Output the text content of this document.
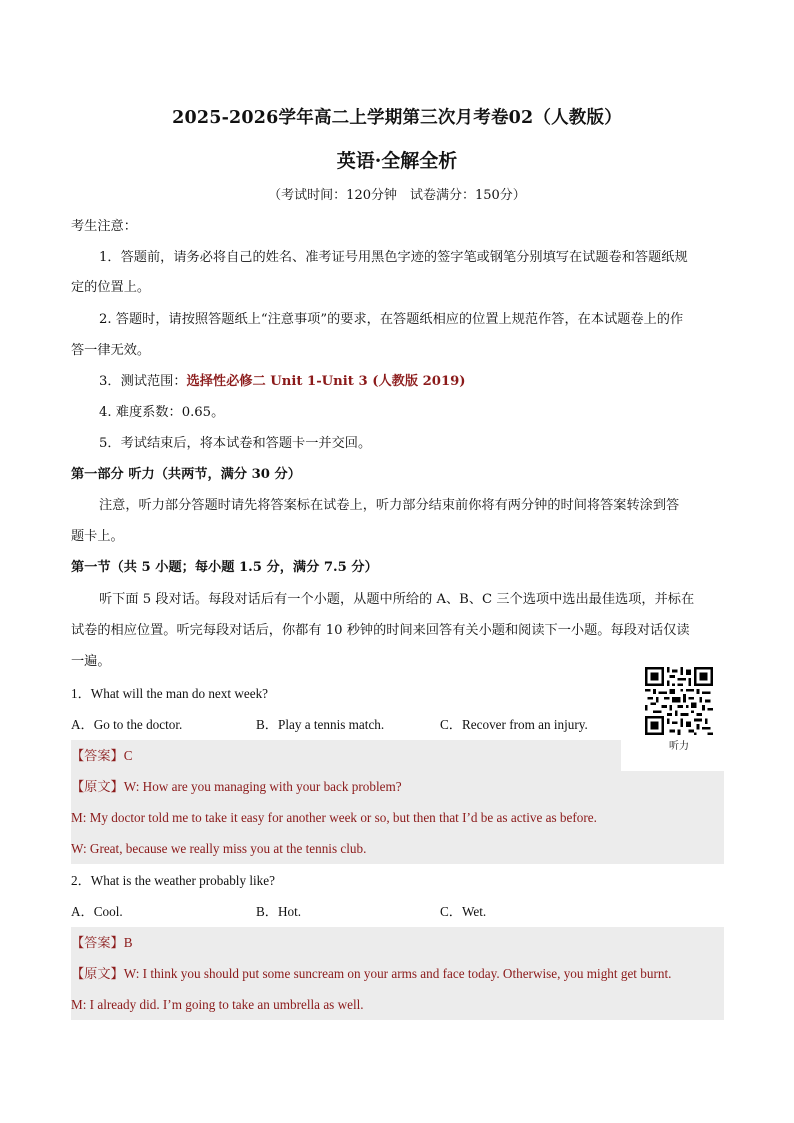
2025-2026学年高二上学期第三次月考卷02（人教版）
英语·全解全析
（考试时间：120分钟　试卷满分：150分）
考生注意：
1．答题前，请务必将自己的姓名、准考证号用黑色字迹的签字笔或钢笔分别填写在试题卷和答题纸规
定的位置上。
2. 答题时，请按照答题纸上“注意事项”的要求，在答题纸相应的位置上规范作答，在本试题卷上的作
答一律无效。
3．测试范围：选择性必修二 Unit 1-Unit 3 (人教版 2019)
4. 难度系数：0.65。
5．考试结束后，将本试卷和答题卡一并交回。
第一部分 听力（共两节，满分 30 分）
注意，听力部分答题时请先将答案标在试卷上，听力部分结束前你将有两分钟的时间将答案转涂到答
题卡上。
第一节（共 5 小题；每小题 1.5 分，满分 7.5 分）
听下面 5 段对话。每段对话后有一个小题，从题中所给的 A、B、C 三个选项中选出最佳选项，并标在
试卷的相应位置。听完每段对话后，你都有 10 秒钟的时间来回答有关小题和阅读下一小题。每段对话仅读
一遍。
听力
1．What will the man do next week?
A．Go to the doctor.	B．Play a tennis match.	C．Recover from an injury.
【答案】C
【原文】W: How are you managing with your back problem?
M: My doctor told me to take it easy for another week or so, but then that I’d be as active as before.
W: Great, because we really miss you at the tennis club.
2．What is the weather probably like?
A．Cool.	B．Hot.	C．Wet.
【答案】B
【原文】W: I think you should put some suncream on your arms and face today. Otherwise, you might get burnt.
M: I already did. I’m going to take an umbrella as well.
